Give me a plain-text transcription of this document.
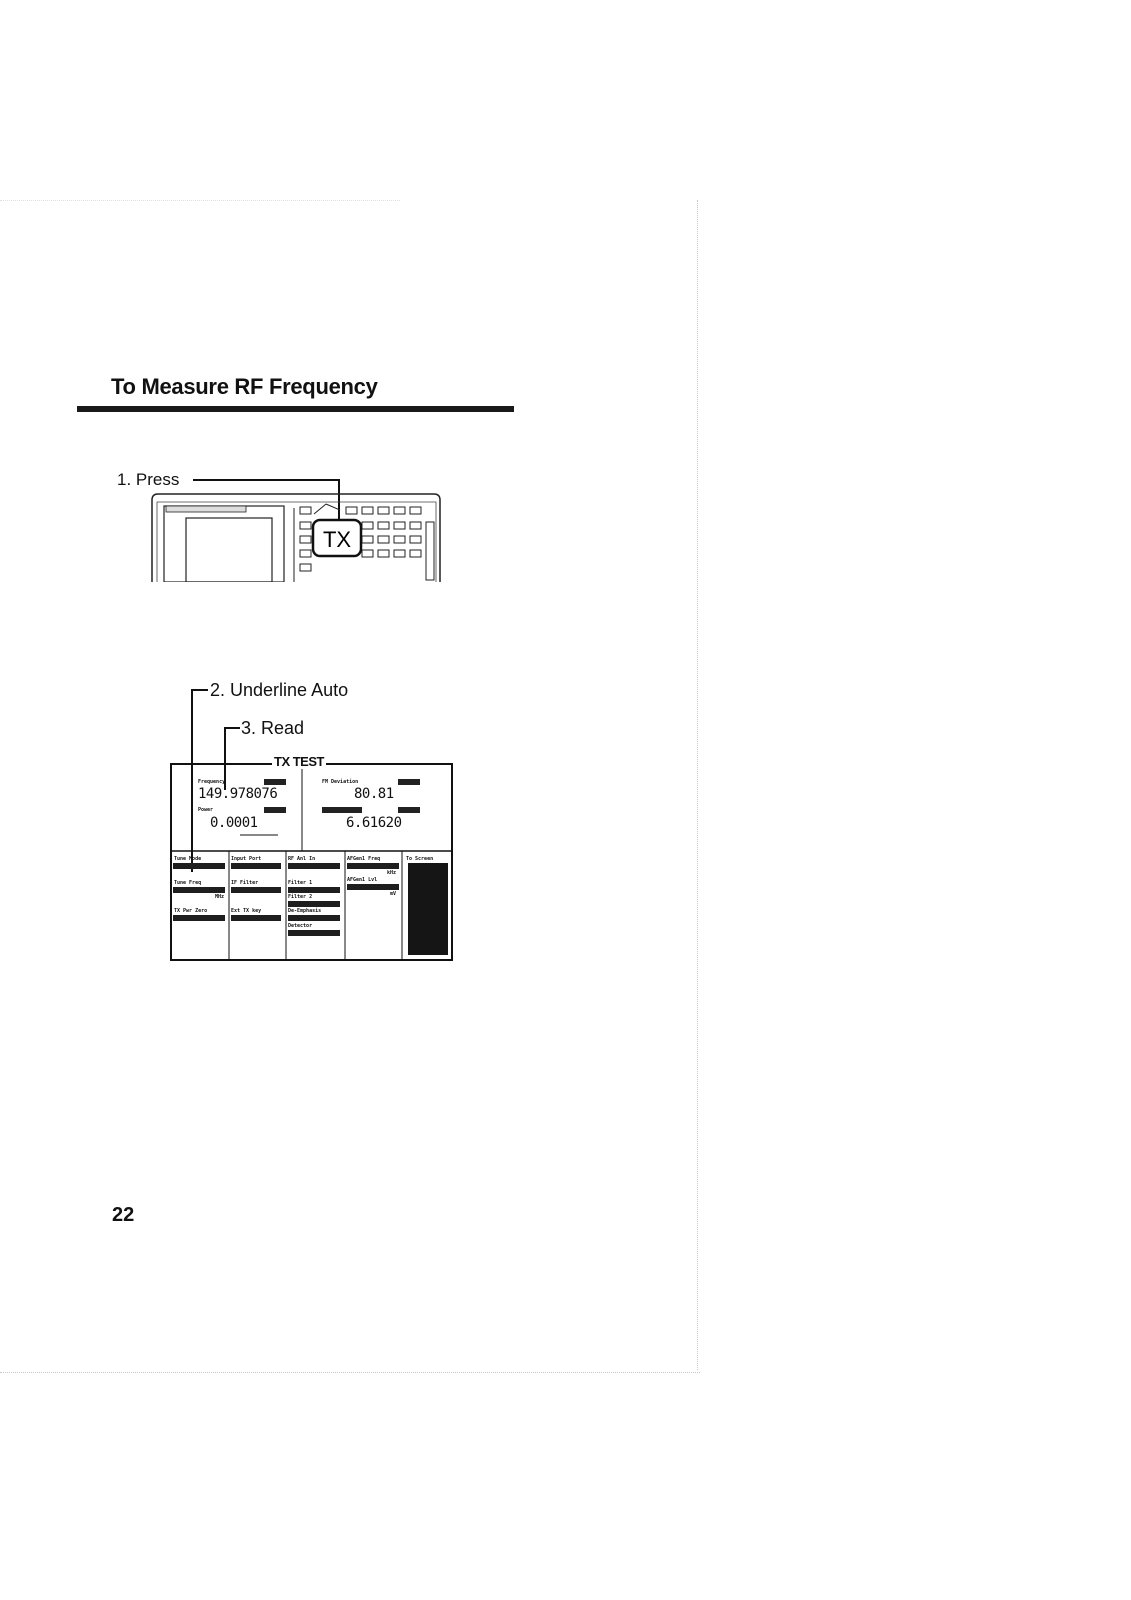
To Measure RF Frequency
1. Press
TX
2. Underline Auto
3. Read
TX TEST
Frequency
149.978076
Power
0.0001
FM Deviation
80.81
6.61620
Tune Mode
Tune Freq
MHz
TX Pwr Zero
Input Port
IF Filter
Ext TX key
RF Anl In
Filter 1
Filter 2
De-Emphasis
Detector
AFGen1 Freq
kHz
AFGen1 Lvl
mV
To Screen
22
